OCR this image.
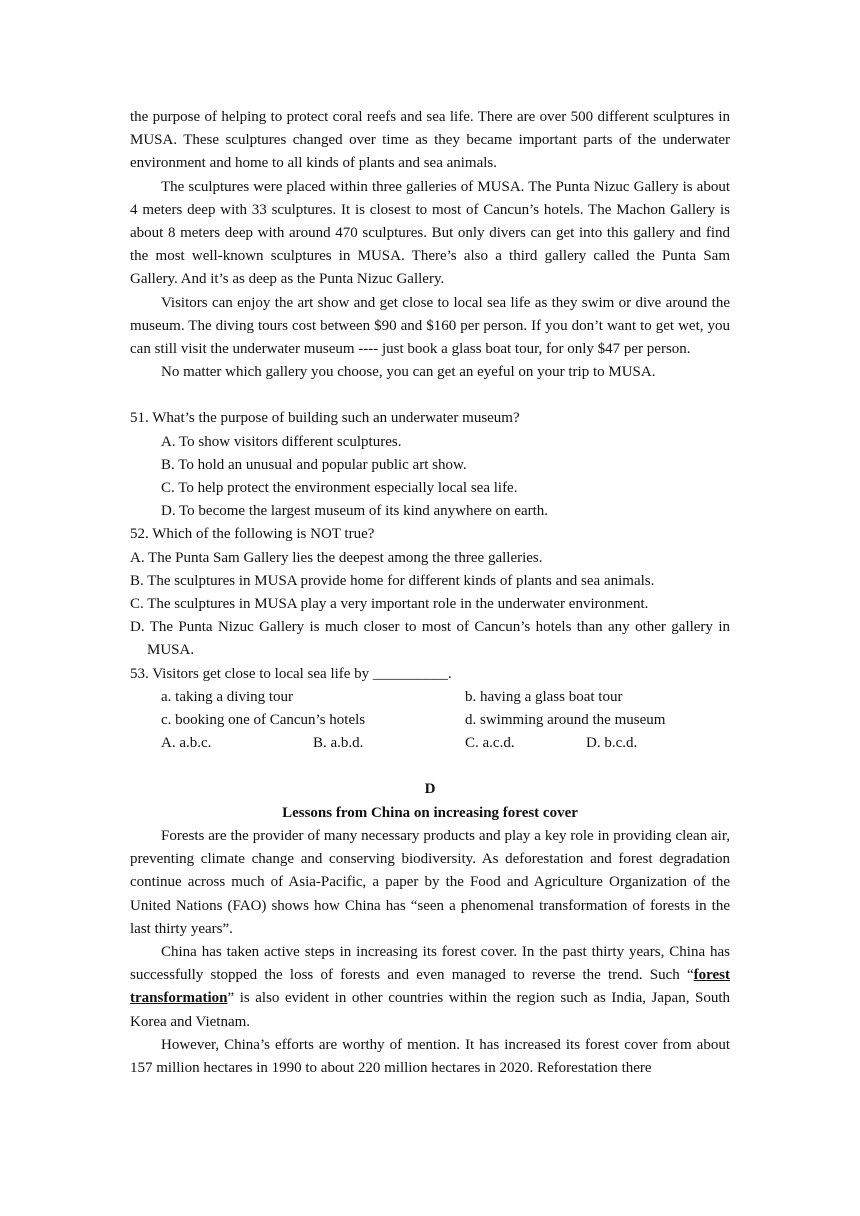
the purpose of helping to protect coral reefs and sea life. There are over 500 different sculptures in MUSA. These sculptures changed over time as they became important parts of the underwater environment and home to all kinds of plants and sea animals.

The sculptures were placed within three galleries of MUSA. The Punta Nizuc Gallery is about 4 meters deep with 33 sculptures. It is closest to most of Cancun’s hotels. The Machon Gallery is about 8 meters deep with around 470 sculptures. But only divers can get into this gallery and find the most well-known sculptures in MUSA. There’s also a third gallery called the Punta Sam Gallery. And it’s as deep as the Punta Nizuc Gallery.

Visitors can enjoy the art show and get close to local sea life as they swim or dive around the museum. The diving tours cost between $90 and $160 per person. If you don’t want to get wet, you can still visit the underwater museum ---- just book a glass boat tour, for only $47 per person.

No matter which gallery you choose, you can get an eyeful on your trip to MUSA.

51. What’s the purpose of building such an underwater museum?
A. To show visitors different sculptures.
B. To hold an unusual and popular public art show.
C. To help protect the environment especially local sea life.
D. To become the largest museum of its kind anywhere on earth.
52. Which of the following is NOT true?
A. The Punta Sam Gallery lies the deepest among the three galleries.
B. The sculptures in MUSA provide home for different kinds of plants and sea animals.
C. The sculptures in MUSA play a very important role in the underwater environment.
D. The Punta Nizuc Gallery is much closer to most of Cancun’s hotels than any other gallery in MUSA.
53. Visitors get close to local sea life by __________.
a. taking a diving tour	b. having a glass boat tour
c. booking one of Cancun’s hotels	d. swimming around the museum
A. a.b.c.	B. a.b.d.	C. a.c.d.	D. b.c.d.
D
Lessons from China on increasing forest cover

Forests are the provider of many necessary products and play a key role in providing clean air, preventing climate change and conserving biodiversity. As deforestation and forest degradation continue across much of Asia-Pacific, a paper by the Food and Agriculture Organization of the United Nations (FAO) shows how China has “seen a phenomenal transformation of forests in the last thirty years”.

China has taken active steps in increasing its forest cover. In the past thirty years, China has successfully stopped the loss of forests and even managed to reverse the trend. Such “forest transformation” is also evident in other countries within the region such as India, Japan, South Korea and Vietnam.

However, China’s efforts are worthy of mention. It has increased its forest cover from about 157 million hectares in 1990 to about 220 million hectares in 2020. Reforestation there
